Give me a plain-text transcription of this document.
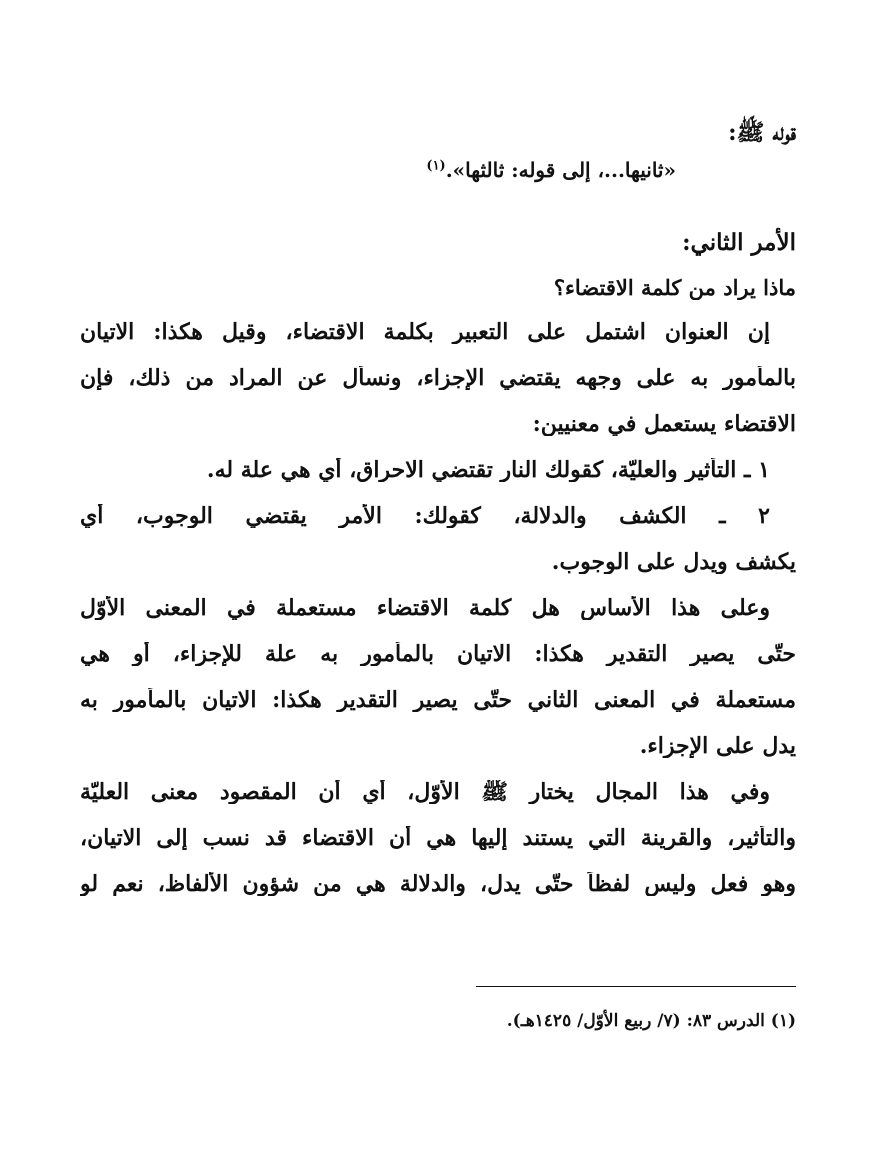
قوله ﷺ:
«ثانيها...، إلى قوله: ثالثها».$^{(١)}$
الأمر الثاني:
ماذا يراد من كلمة الاقتضاء؟
إن العنوان اشتمل على التعبير بكلمة الاقتضاء، وقيل هكذا: الاتيان
بالمأمور به على وجهه يقتضي الإجزاء، ونسأل عن المراد من ذلك، فإن
الاقتضاء يستعمل في معنيين:
١ ـ التأثير والعليّة، كقولك النار تقتضي الاحراق، أي هي علة له.
٢ ـ الكشف والدلالة، كقولك: الأمر يقتضي الوجوب، أي
يكشف ويدل على الوجوب.
وعلى هذا الأساس هل كلمة الاقتضاء مستعملة في المعنى الأوّل
حتّى يصير التقدير هكذا: الاتيان بالمأمور به علة للإجزاء، أو هي
مستعملة في المعنى الثاني حتّى يصير التقدير هكذا: الاتيان بالمأمور به
يدل على الإجزاء.
وفي هذا المجال يختار ﷺ الأوّل، أي أن المقصود معنى العليّة
والتأثير، والقرينة التي يستند إليها هي أن الاقتضاء قد نسب إلى الاتيان،
وهو فعل وليس لفظاً حتّى يدل، والدلالة هي من شؤون الألفاظ، نعم لو
(١) الدرس ٨٣: (٧/ ربيع الأوّل/ ١٤٢٥هـ).
